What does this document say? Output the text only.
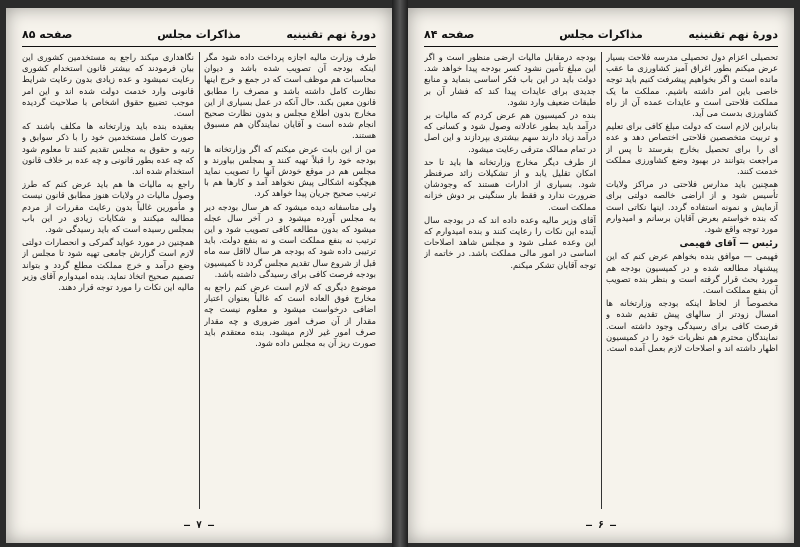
دورهٔ نهم تقنینیه
مذاکرات مجلس
صفحه ۸۵

طرف وزارت مالیه اجازه پرداخت داده شود مگر اینکه بودجه آن تصویب شده باشد و دیوان محاسبات هم موظف است که در جمع و خرج اینها نظارت کامل داشته باشد و مصرف را مطابق قانون معین بکند. حال آنکه در عمل بسیاری از این مخارج بدون اطلاع مجلس و بدون نظارت صحیح انجام شده است و آقایان نمایندگان هم مسبوق هستند.

من از این بابت عرض میکنم که اگر وزارتخانه ها بودجه خود را قبلاً تهیه کنند و بمجلس بیاورند و مجلس هم در موقع خودش آنها را تصویب نماید هیچگونه اشکالی پیش نخواهد آمد و کارها هم با ترتیب صحیح جریان پیدا خواهد کرد.

ولی متاسفانه دیده میشود که هر سال بودجه دیر به مجلس آورده میشود و در آخر سال عجله میشود که بدون مطالعه کافی تصویب شود و این ترتیب نه بنفع مملکت است و نه بنفع دولت. باید ترتیبی داده شود که بودجه هر سال لااقل سه ماه قبل از شروع سال تقدیم مجلس گردد تا کمیسیون بودجه فرصت کافی برای رسیدگی داشته باشد.

موضوع دیگری که لازم است عرض کنم راجع به مخارج فوق العاده است که غالباً بعنوان اعتبار اضافی درخواست میشود و معلوم نیست چه مقدار از آن صرف امور ضروری و چه مقدار صرف امور غیر لازم میشود. بنده معتقدم باید صورت ریز آن به مجلس داده شود.

نگاهداری میکند راجع به مستخدمین کشوری این بیان فرمودند که بیشتر قانون استخدام کشوری رعایت نمیشود و عده زیادی بدون رعایت شرایط قانونی وارد خدمت دولت شده اند و این امر موجب تضییع حقوق اشخاص با صلاحیت گردیده است.

بعقیده بنده باید وزارتخانه ها مکلف باشند که صورت کامل مستخدمین خود را با ذکر سوابق و رتبه و حقوق به مجلس تقدیم کنند تا معلوم شود که چه عده بطور قانونی و چه عده بر خلاف قانون استخدام شده اند.

راجع به مالیات ها هم باید عرض کنم که طرز وصول مالیات در ولایات هنوز مطابق قانون نیست و مأمورین غالباً بدون رعایت مقررات از مردم مطالبه میکنند و شکایات زیادی در این باب بمجلس رسیده است که باید رسیدگی شود.

همچنین در مورد عواید گمرکی و انحصارات دولتی لازم است گزارش جامعی تهیه شود تا مجلس از وضع درآمد و خرج مملکت مطلع گردد و بتواند تصمیم صحیح اتخاذ نماید. بنده امیدوارم آقای وزیر مالیه این نکات را مورد توجه قرار دهند.

— ۷ —
دورهٔ نهم تقنینیه
مذاکرات مجلس
صفحه ۸۴

تحصیلی اعزام دول تحصیلی مدرسه فلاحت بسیار عرض میکنم بطور اغراق آمیز کشاورزی ما عقب مانده است و اگر بخواهیم پیشرفت کنیم باید توجه خاصی باین امر داشته باشیم. مملکت ما یک مملکت فلاحتی است و عایدات عمده آن از راه کشاورزی بدست می آید.

بنابراین لازم است که دولت مبلغ کافی برای تعلیم و تربیت متخصصین فلاحتی اختصاص دهد و عده ای را برای تحصیل بخارج بفرستد تا پس از مراجعت بتوانند در بهبود وضع کشاورزی مملکت خدمت کنند.

همچنین باید مدارس فلاحتی در مراکز ولایات تأسیس شود و از اراضی خالصه دولتی برای آزمایش و نمونه استفاده گردد. اینها نکاتی است که بنده خواستم بعرض آقایان برسانم و امیدوارم مورد توجه واقع شود.

رئیس — آقای فهیمی

فهیمی — موافق بنده بخواهم عرض کنم که این پیشنهاد مطالعه شده و در کمیسیون بودجه هم مورد بحث قرار گرفته است و بنظر بنده تصویب آن بنفع مملکت است.

مخصوصاً از لحاظ اینکه بودجه وزارتخانه ها امسال زودتر از سالهای پیش تقدیم شده و فرصت کافی برای رسیدگی وجود داشته است. نمایندگان محترم هم نظریات خود را در کمیسیون اظهار داشته اند و اصلاحات لازم بعمل آمده است.

بودجه درمقابل مالیات ارضی منظور است و اگر این مبلغ تأمین نشود کسر بودجه پیدا خواهد شد. دولت باید در این باب فکر اساسی بنماید و منابع جدیدی برای عایدات پیدا کند که فشار آن بر طبقات ضعیف وارد نشود.

بنده در کمیسیون هم عرض کردم که مالیات بر درآمد باید بطور عادلانه وصول شود و کسانی که درآمد زیاد دارند سهم بیشتری بپردازند و این اصل در تمام ممالک مترقی رعایت میشود.

از طرف دیگر مخارج وزارتخانه ها باید تا حد امکان تقلیل یابد و از تشکیلات زائد صرفنظر شود. بسیاری از ادارات هستند که وجودشان ضرورت ندارد و فقط بار سنگینی بر دوش خزانه مملکت است.

آقای وزیر مالیه وعده داده اند که در بودجه سال آینده این نکات را رعایت کنند و بنده امیدوارم که این وعده عملی شود و مجلس شاهد اصلاحات اساسی در امور مالی مملکت باشد. در خاتمه از توجه آقایان تشکر میکنم.

— ۶ —
